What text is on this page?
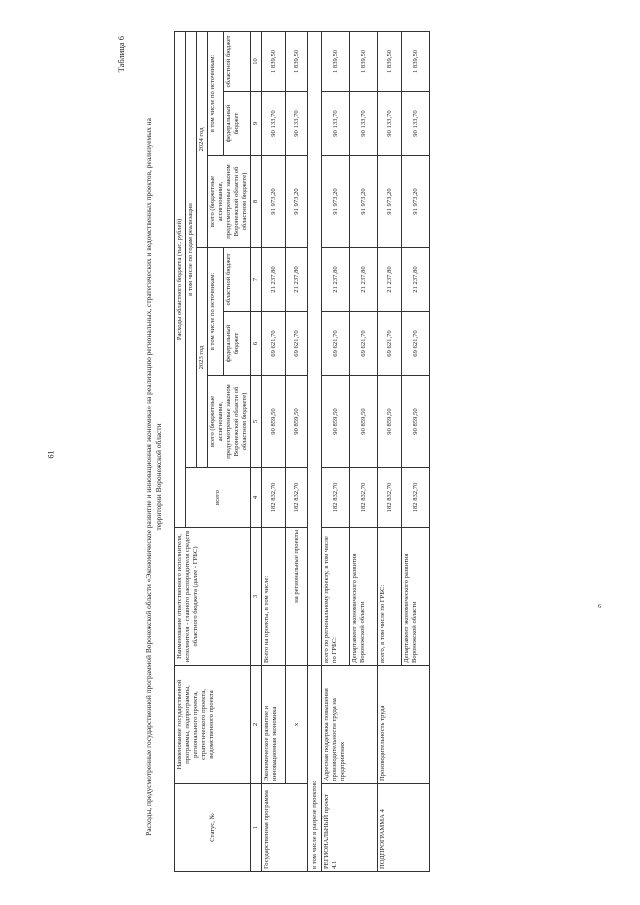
61
Таблица 6
Расходы, предусмотренные государственной программой Воронежской области «Экономическое развитие и инновационная экономика» на реализацию региональных, стратегических и ведомственных проектов, реализуемых на территории Воронежской области
Статус, №	Наименование государственной программы, подпрограммы, регионального проекта, стратегического проекта, ведомственного проекта	Наименование ответственного исполнителя, исполнителя - главного распорядителя средств областного бюджета (далее - ГРБС)	Расходы областного бюджета (тыс. рублей)						
			всего	в том числе по годам реализации					
				2023 год			2024 год		
				всего (бюджетные ассигнования, предусмотренные законом Воронежской области об областном бюджете)	в том числе по источникам:		всего (бюджетные ассигнования, предусмотренные законом Воронежской области об областном бюджете)	в том числе по источникам:	
					федеральный бюджет	областной бюджет		федеральный бюджет	областной бюджет
1	2	3	4	5	6	7	8	9	10
Государственная программа	Экономическое развитие и инновационная экономика	Всего на проекты, в том числе:	182 832,70	90 859,50	69 621,70	21 237,80	91 973,20	90 133,70	1 839,50
	х	на региональные проекты	182 832,70	90 859,50	69 621,70	21 237,80	91 973,20	90 133,70	1 839,50
в том числе в разрезе проектов:									
РЕГИОНАЛЬНЫЙ проект 4.1	Адресная поддержка повышения производительности труда на предприятиях	всего по региональному проекту, в том числе по ГРБС:	182 832,70	90 859,50	69 621,70	21 237,80	91 973,20	90 133,70	1 839,50
		Департамент экономического развития Воронежской области	182 832,70	90 859,50	69 621,70	21 237,80	91 973,20	90 133,70	1 839,50
ПОДПРОГРАММА 4	Производительность труда	всего, в том числе по ГРБС:	182 832,70	90 859,50	69 621,70	21 237,80	91 973,20	90 133,70	1 839,50
		Департамент экономического развития Воронежской области	182 832,70	90 859,50	69 621,70	21 237,80	91 973,20	90 133,70	1 839,50
6
